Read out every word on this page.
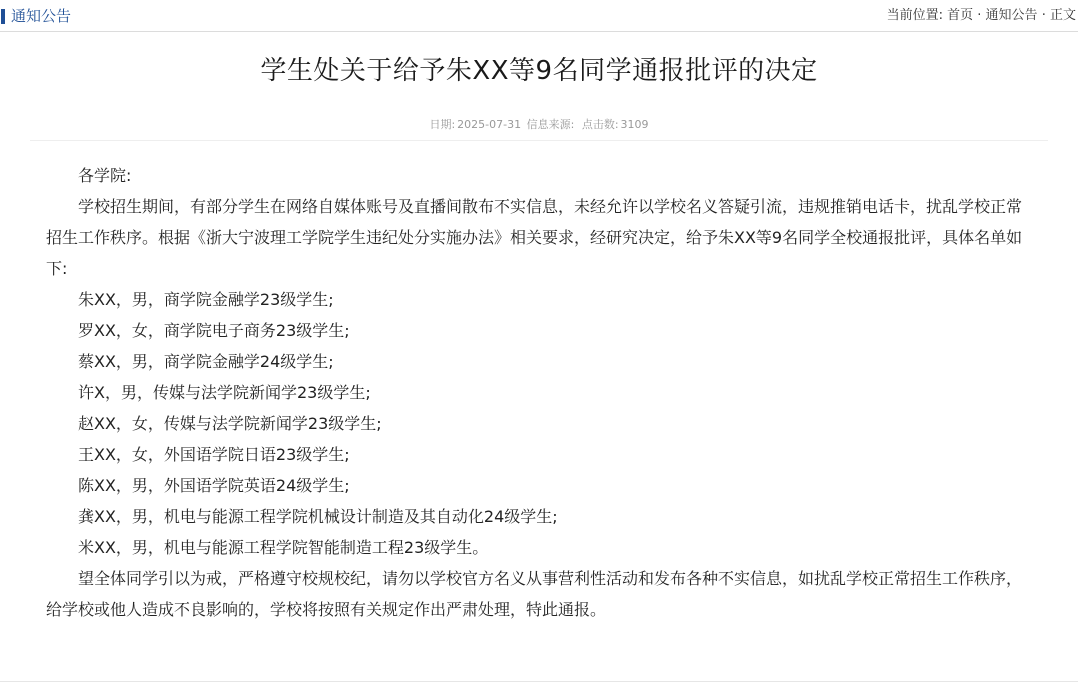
通知公告	当前位置: 首页 · 通知公告 · 正文
学生处关于给予朱XX等9名同学通报批评的决定
日期: 2025-07-31 信息来源: 点击数: 3109

各学院:

学校招生期间，有部分学生在网络自媒体账号及直播间散布不实信息，未经允许以学校名义答疑引流，违规推销电话卡，扰乱学校正常招生工作秩序。根据《浙大宁波理工学院学生违纪处分实施办法》相关要求，经研究决定，给予朱XX等9名同学全校通报批评，具体名单如下:

朱XX，男，商学院金融学23级学生;

罗XX，女，商学院电子商务23级学生;

蔡XX，男，商学院金融学24级学生;

许X，男，传媒与法学院新闻学23级学生;

赵XX，女，传媒与法学院新闻学23级学生;

王XX，女，外国语学院日语23级学生;

陈XX，男，外国语学院英语24级学生;

龚XX，男，机电与能源工程学院机械设计制造及其自动化24级学生;

米XX，男，机电与能源工程学院智能制造工程23级学生。

望全体同学引以为戒，严格遵守校规校纪，请勿以学校官方名义从事营利性活动和发布各种不实信息，如扰乱学校正常招生工作秩序，给学校或他人造成不良影响的，学校将按照有关规定作出严肃处理，特此通报。
